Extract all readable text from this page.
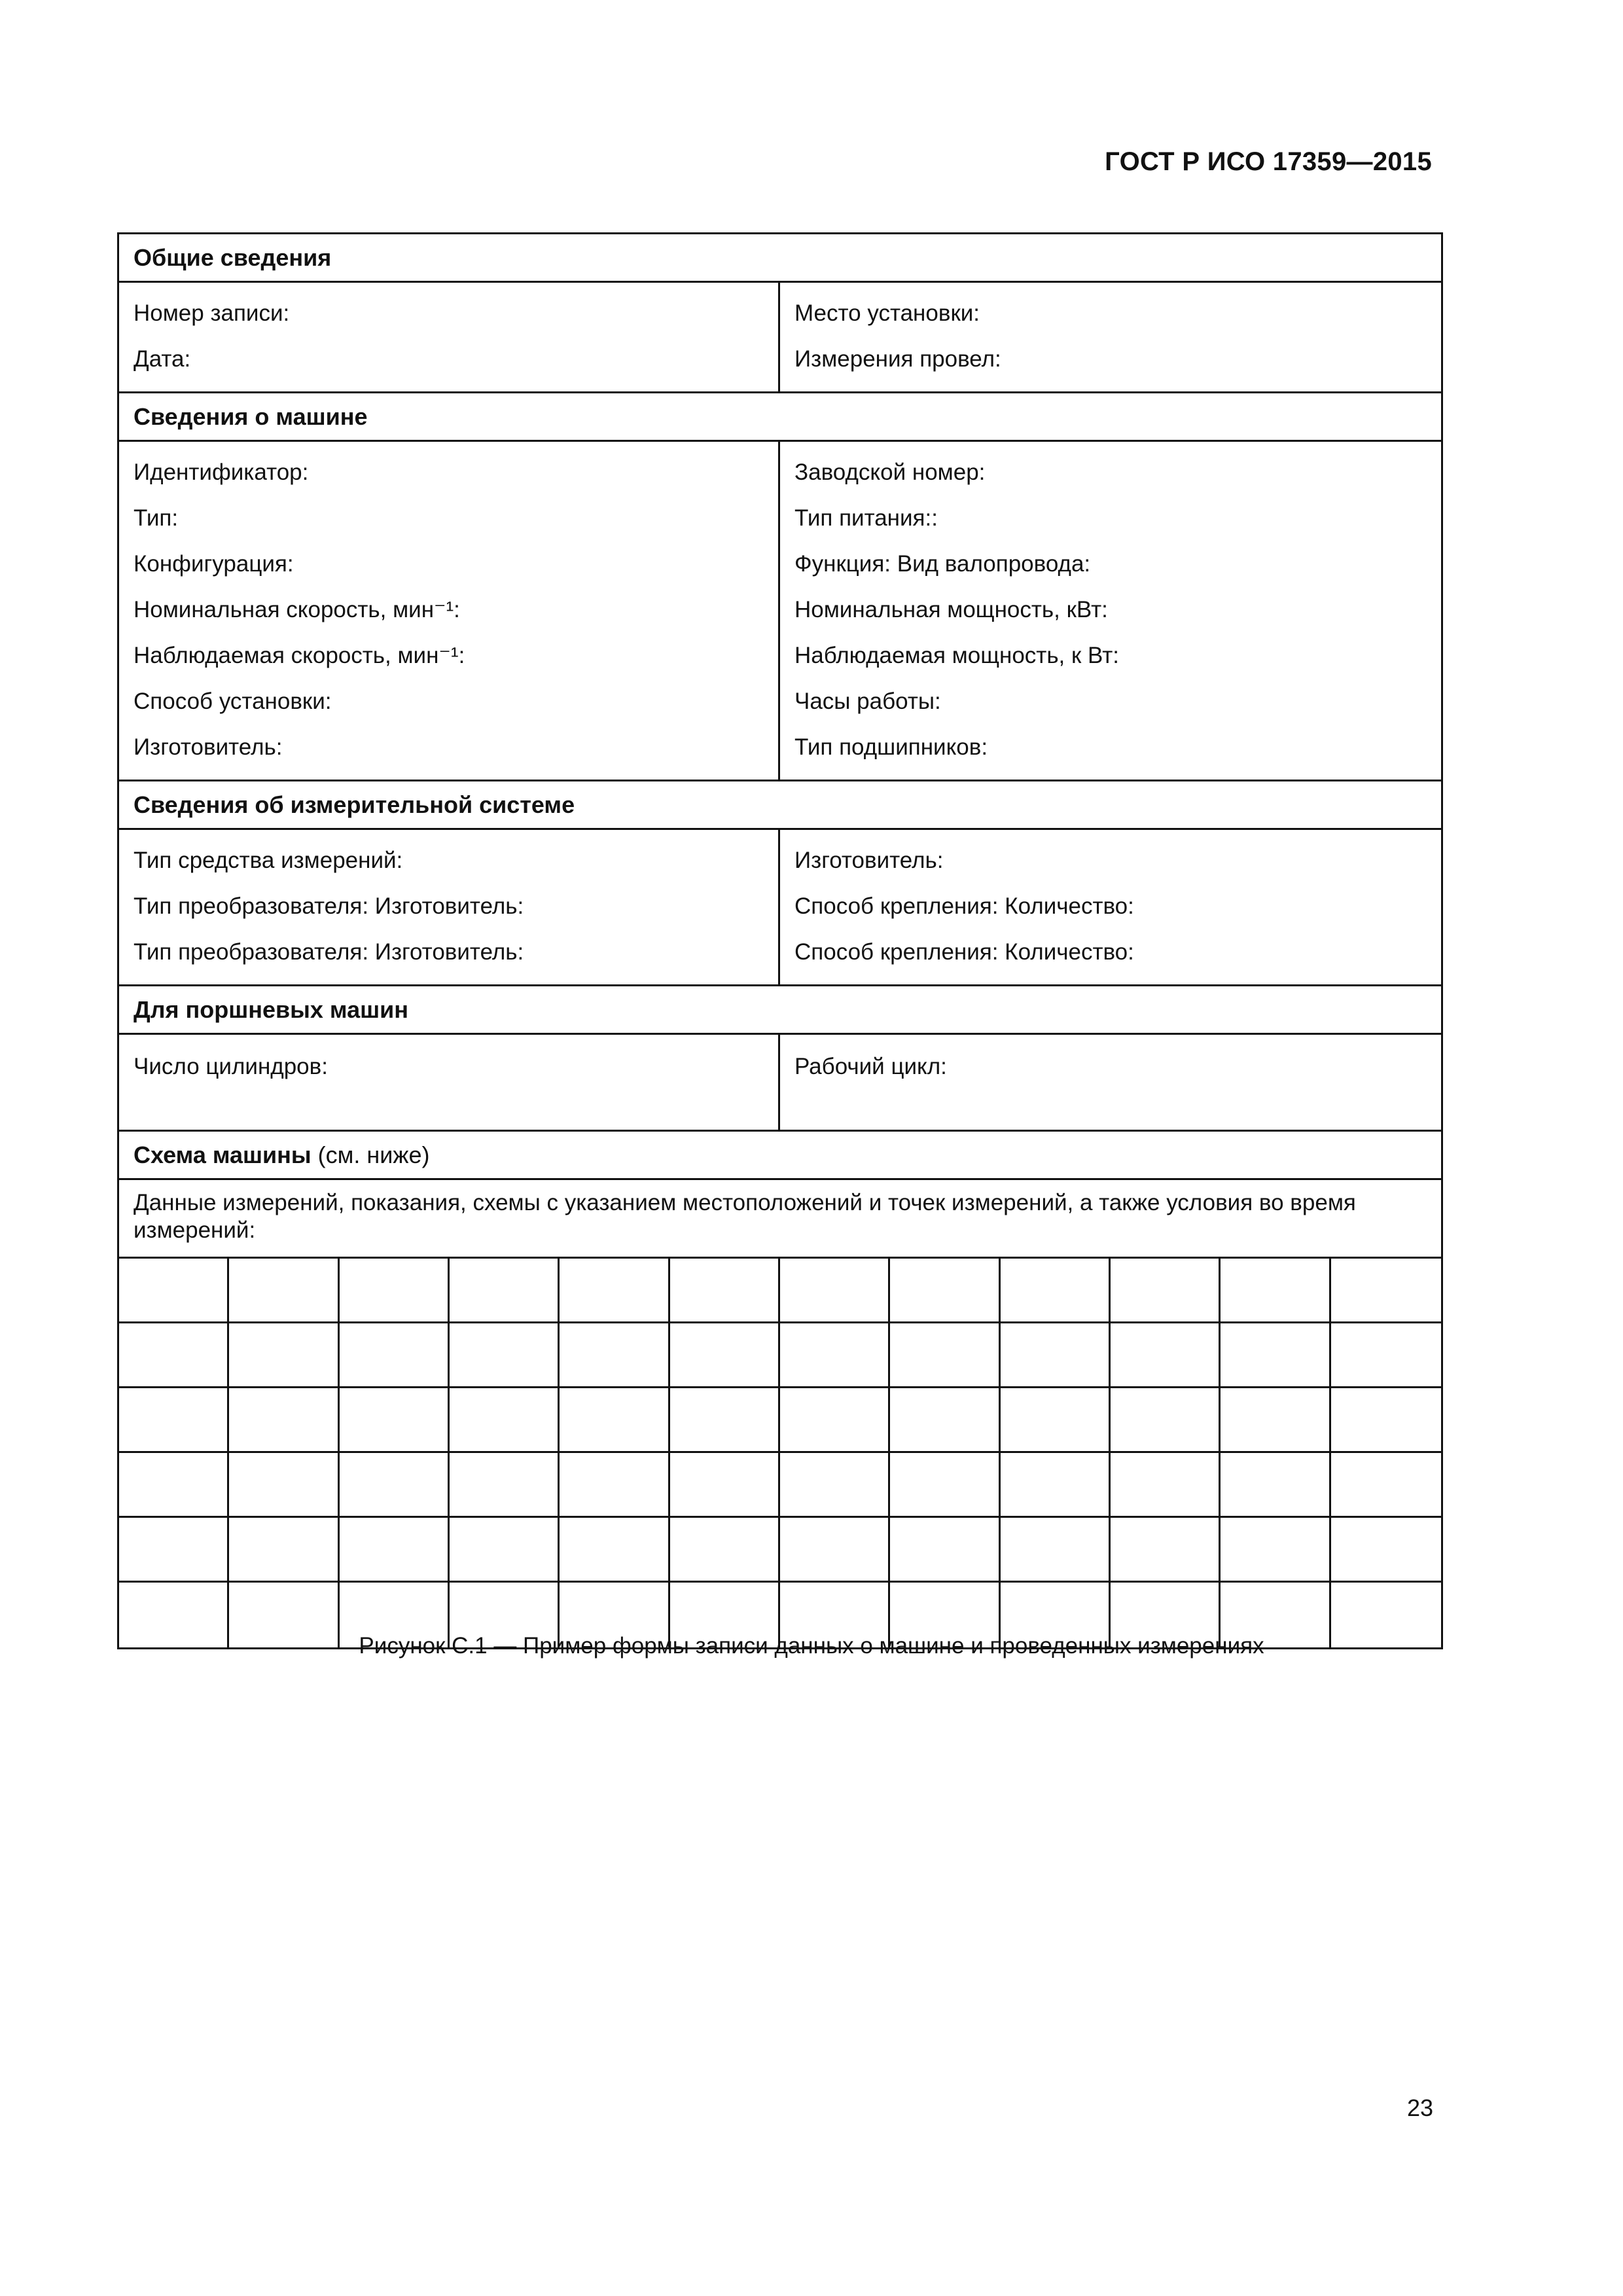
ГОСТ Р ИСО 17359—2015
Общие сведения
Номер записи:
Дата:
Место установки:
Измерения провел:
Сведения о машине
Идентификатор:
Тип:
Конфигурация:
Номинальная скорость, мин⁻¹:
Наблюдаемая скорость, мин⁻¹:
Способ установки:
Изготовитель:
Заводской номер:
Тип питания::
Функция: Вид валопровода:
Номинальная мощность, кВт:
Наблюдаемая мощность, к Вт:
Часы работы:
Тип подшипников:
Сведения об измерительной системе
Тип средства измерений:
Тип преобразователя: Изготовитель:
Тип преобразователя: Изготовитель:
Изготовитель:
Способ крепления: Количество:
Способ крепления: Количество:
Для поршневых машин
Число цилиндров:	Рабочий цикл:
Схема машины (см. ниже)
Данные измерений, показания, схемы с указанием местоположений и точек измерений, а также условия во время измерений:
Рисунок С.1 — Пример формы записи данных о машине и проведенных измерениях
23
